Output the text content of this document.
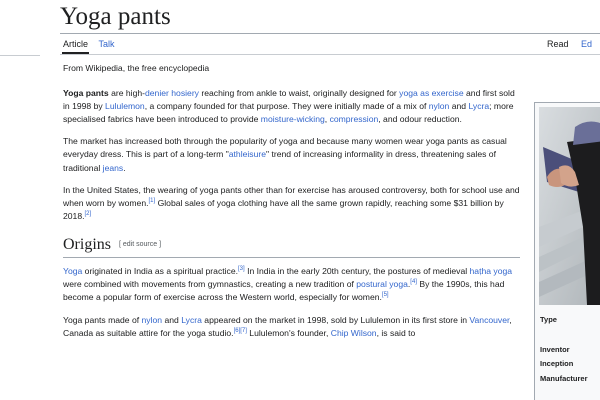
Yoga pants
Article Talk	Read Ed

From Wikipedia, the free encyclopedia

Yoga pants are high-denier hosiery reaching from ankle to waist, originally designed for yoga as exercise and first sold in 1998 by Lululemon, a company founded for that purpose. They were initially made of a mix of nylon and Lycra; more specialised fabrics have been introduced to provide moisture-wicking, compression, and odour reduction.

The market has increased both through the popularity of yoga and because many women wear yoga pants as casual everyday dress. This is part of a long-term "athleisure" trend of increasing informality in dress, threatening sales of traditional jeans.

In the United States, the wearing of yoga pants other than for exercise has aroused controversy, both for school use and when worn by women.[1] Global sales of yoga clothing have all the same grown rapidly, reaching some $31 billion by 2018.[2]

Origins [ edit source ]

Yoga originated in India as a spiritual practice.[3] In India in the early 20th century, the postures of medieval haṭha yoga were combined with movements from gymnastics, creating a new tradition of postural yoga.[4] By the 1990s, this had become a popular form of exercise across the Western world, especially for women.[5]

Yoga pants made of nylon and Lycra appeared on the market in 1998, sold by Lululemon in its first store in Vancouver, Canada as suitable attire for the yoga studio.[6][7] Lululemon's founder, Chip Wilson, is said to

Type
Inventor
Inception
Manufacturer
